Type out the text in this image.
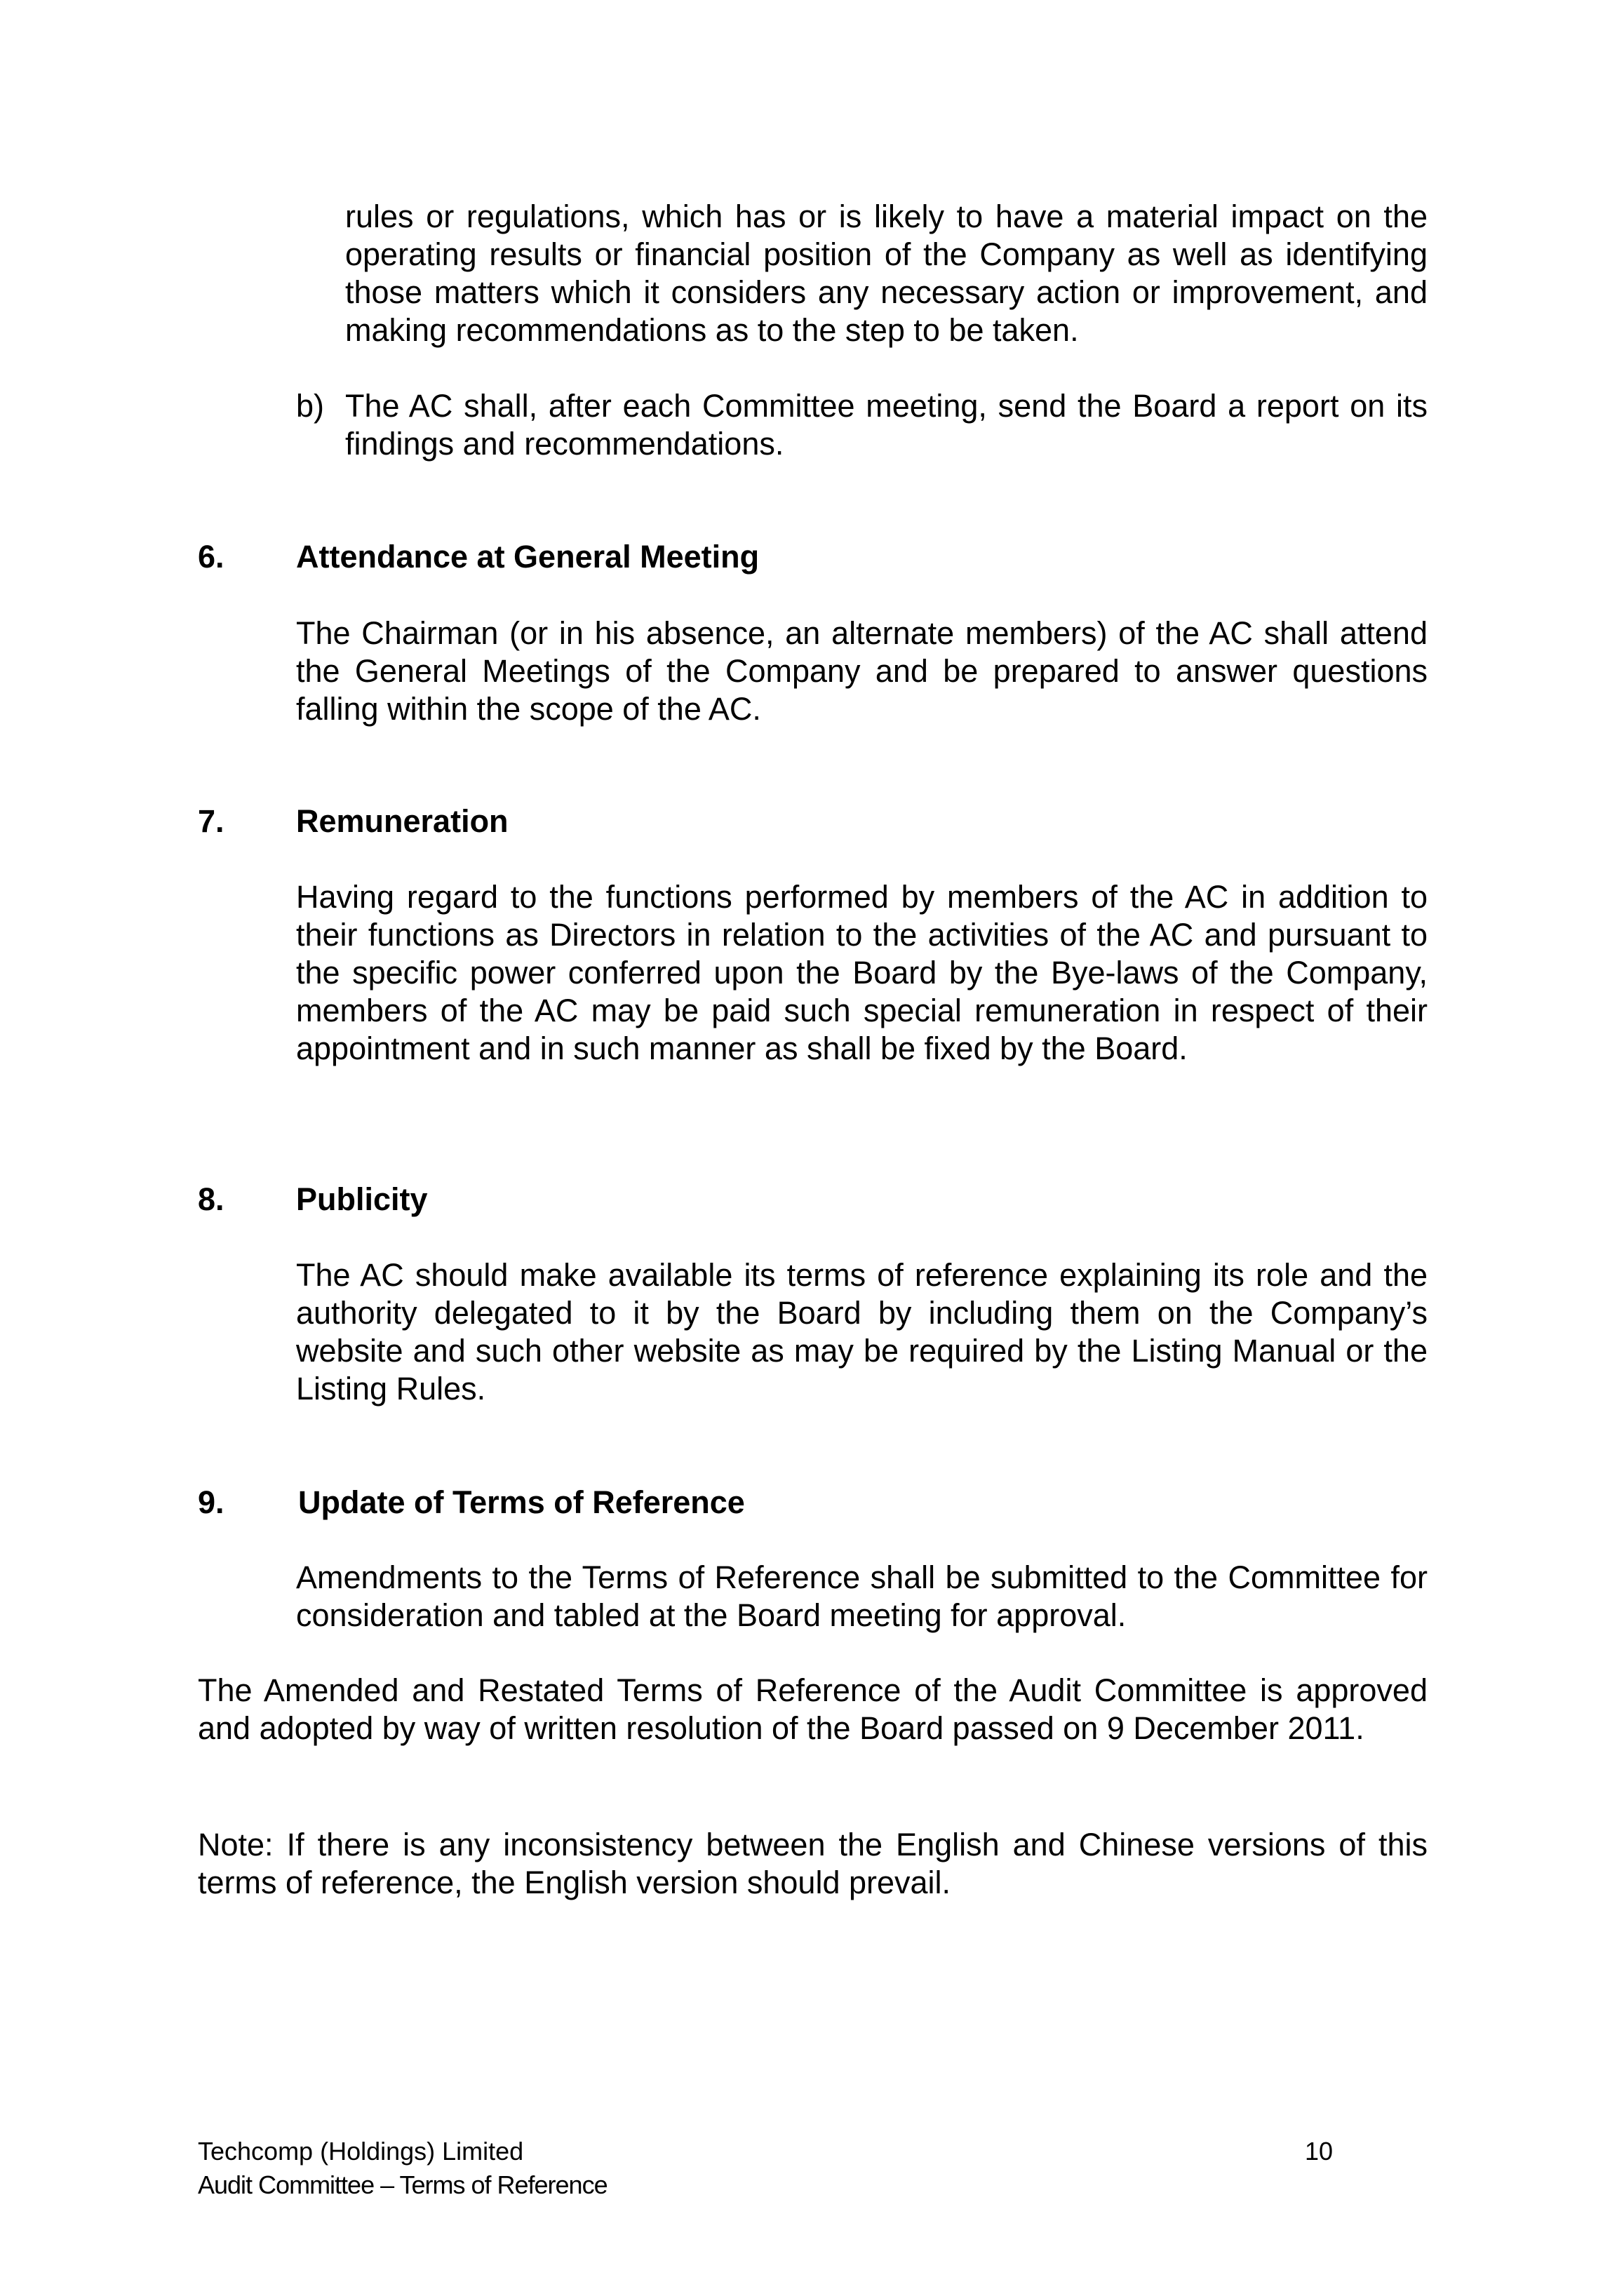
rules or regulations, which has or is likely to have a material impact on the operating results or financial position of the Company as well as identifying those matters which it considers any necessary action or improvement, and making recommendations as to the step to be taken.

b) The AC shall, after each Committee meeting, send the Board a report on its findings and recommendations.
6. Attendance at General Meeting

The Chairman (or in his absence, an alternate members) of the AC shall attend the General Meetings of the Company and be prepared to answer questions falling within the scope of the AC.

7. Remuneration

Having regard to the functions performed by members of the AC in addition to their functions as Directors in relation to the activities of the AC and pursuant to the specific power conferred upon the Board by the Bye-laws of the Company, members of the AC may be paid such special remuneration in respect of their appointment and in such manner as shall be fixed by the Board.

8. Publicity

The AC should make available its terms of reference explaining its role and the authority delegated to it by the Board by including them on the Company’s website and such other website as may be required by the Listing Manual or the Listing Rules.

9. Update of Terms of Reference

Amendments to the Terms of Reference shall be submitted to the Committee for consideration and tabled at the Board meeting for approval.

The Amended and Restated Terms of Reference of the Audit Committee is approved and adopted by way of written resolution of the Board passed on 9 December 2011.

Note: If there is any inconsistency between the English and Chinese versions of this terms of reference, the English version should prevail.

Techcomp (Holdings) Limited
Audit Committee – Terms of Reference
10
